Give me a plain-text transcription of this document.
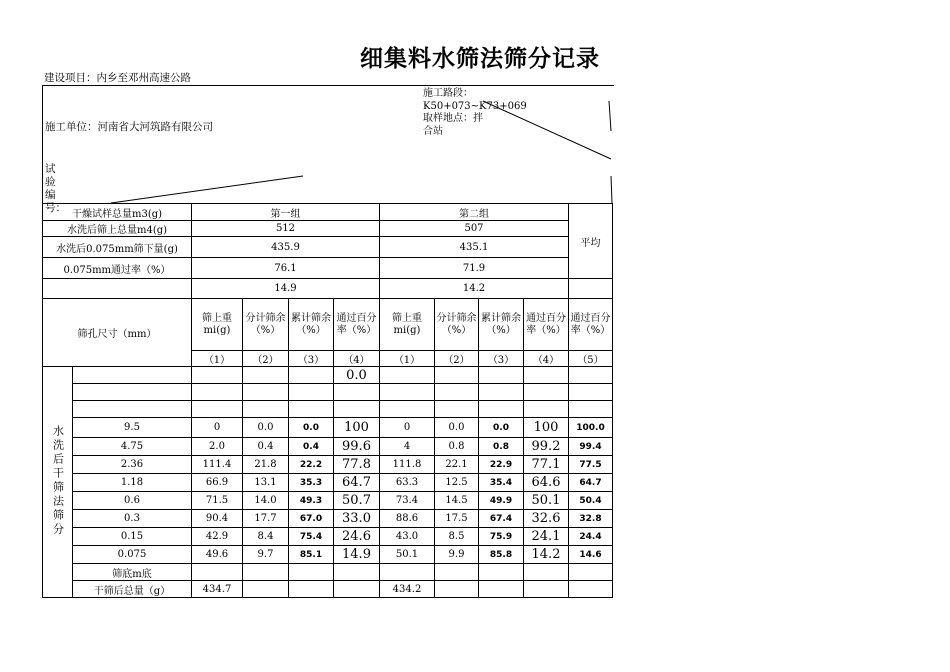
细集料水筛法筛分记录
建设项目：内乡至邓州高速公路
施工单位：河南省大河筑路有限公司
试验编号：
施工路段：K50+073~K73+069取样地点：拌合站
干燥试样总量m3(g)		第一组				第二组				平均
水洗后筛上总量m4(g)		512				507				
水洗后0.075mm筛下量(g)		435.9				435.1				
0.075mm通过率（%）		76.1				71.9				
		14.9				14.2				
筛孔尺寸（mm）		筛上重mi(g)	分计筛余（%）	累计筛余（%）	通过百分率（%）	筛上重mi(g)	分计筛余（%）	累计筛余（%）	通过百分率（%）	通过百分率（%）
		（1）	（2）	（3）	（4）	（1）	（2）	（3）	（4）	（5）
水洗后干筛法筛分					0.0					

	9.5	0	0.0	0.0	100	0	0.0	0.0	100	100.0
	4.75	2.0	0.4	0.4	99.6	4	0.8	0.8	99.2	99.4
	2.36	111.4	21.8	22.2	77.8	111.8	22.1	22.9	77.1	77.5
	1.18	66.9	13.1	35.3	64.7	63.3	12.5	35.4	64.6	64.7
	0.6	71.5	14.0	49.3	50.7	73.4	14.5	49.9	50.1	50.4
	0.3	90.4	17.7	67.0	33.0	88.6	17.5	67.4	32.6	32.8
	0.15	42.9	8.4	75.4	24.6	43.0	8.5	75.9	24.1	24.4
	0.075	49.6	9.7	85.1	14.9	50.1	9.9	85.8	14.2	14.6
	筛底m底									
	干筛后总量（g）	434.7				434.2				
